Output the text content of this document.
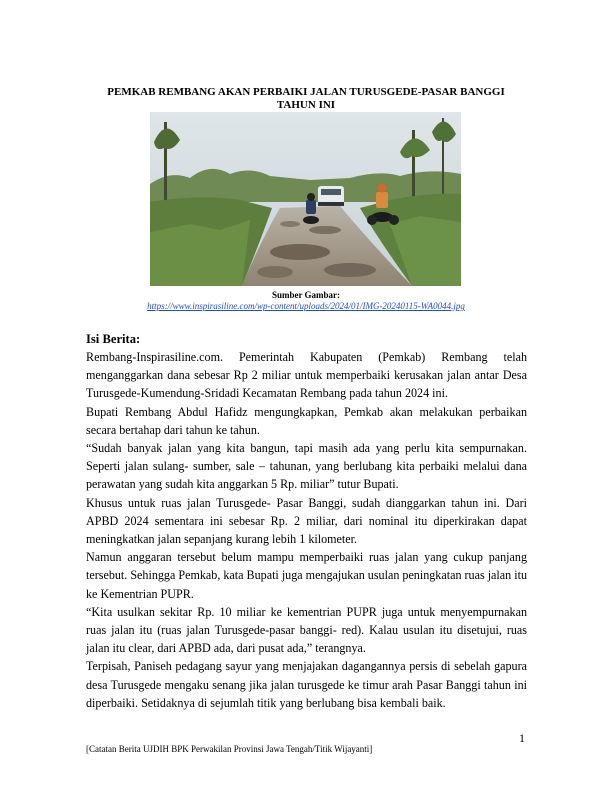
PEMKAB REMBANG AKAN PERBAIKI JALAN TURUSGEDE-PASAR BANGGI
TAHUN INI
Sumber Gambar:
https://www.inspirasiline.com/wp-content/uploads/2024/01/IMG-20240115-WA0044.jpg
Isi Berita:

Rembang-Inspirasiline.com. Pemerintah Kabupaten (Pemkab) Rembang telah menganggarkan dana sebesar Rp 2 miliar untuk memperbaiki kerusakan jalan antar Desa Turusgede-Kumendung-Sridadi Kecamatan Rembang pada tahun 2024 ini.

Bupati Rembang Abdul Hafidz mengungkapkan, Pemkab akan melakukan perbaikan secara bertahap dari tahun ke tahun.

“Sudah banyak jalan yang kita bangun, tapi masih ada yang perlu kita sempurnakan. Seperti jalan sulang- sumber, sale – tahunan, yang berlubang kita perbaiki melalui dana perawatan yang sudah kita anggarkan 5 Rp. miliar” tutur Bupati.

Khusus untuk ruas jalan Turusgede- Pasar Banggi, sudah dianggarkan tahun ini. Dari APBD 2024 sementara ini sebesar Rp. 2 miliar, dari nominal itu diperkirakan dapat meningkatkan jalan sepanjang kurang lebih 1 kilometer.

Namun anggaran tersebut belum mampu memperbaiki ruas jalan yang cukup panjang tersebut. Sehingga Pemkab, kata Bupati juga mengajukan usulan peningkatan ruas jalan itu ke Kementrian PUPR.

“Kita usulkan sekitar Rp. 10 miliar ke kementrian PUPR juga untuk menyempurnakan ruas jalan itu (ruas jalan Turusgede-pasar banggi- red). Kalau usulan itu disetujui, ruas jalan itu clear, dari APBD ada, dari pusat ada,” terangnya.

Terpisah, Paniseh pedagang sayur yang menjajakan dagangannya persis di sebelah gapura desa Turusgede mengaku senang jika jalan turusgede ke timur arah Pasar Banggi tahun ini diperbaiki. Setidaknya di sejumlah titik yang berlubang bisa kembali baik.

1
[Catatan Berita UJDIH BPK Perwakilan Provinsi Jawa Tengah/Titik Wijayanti]
